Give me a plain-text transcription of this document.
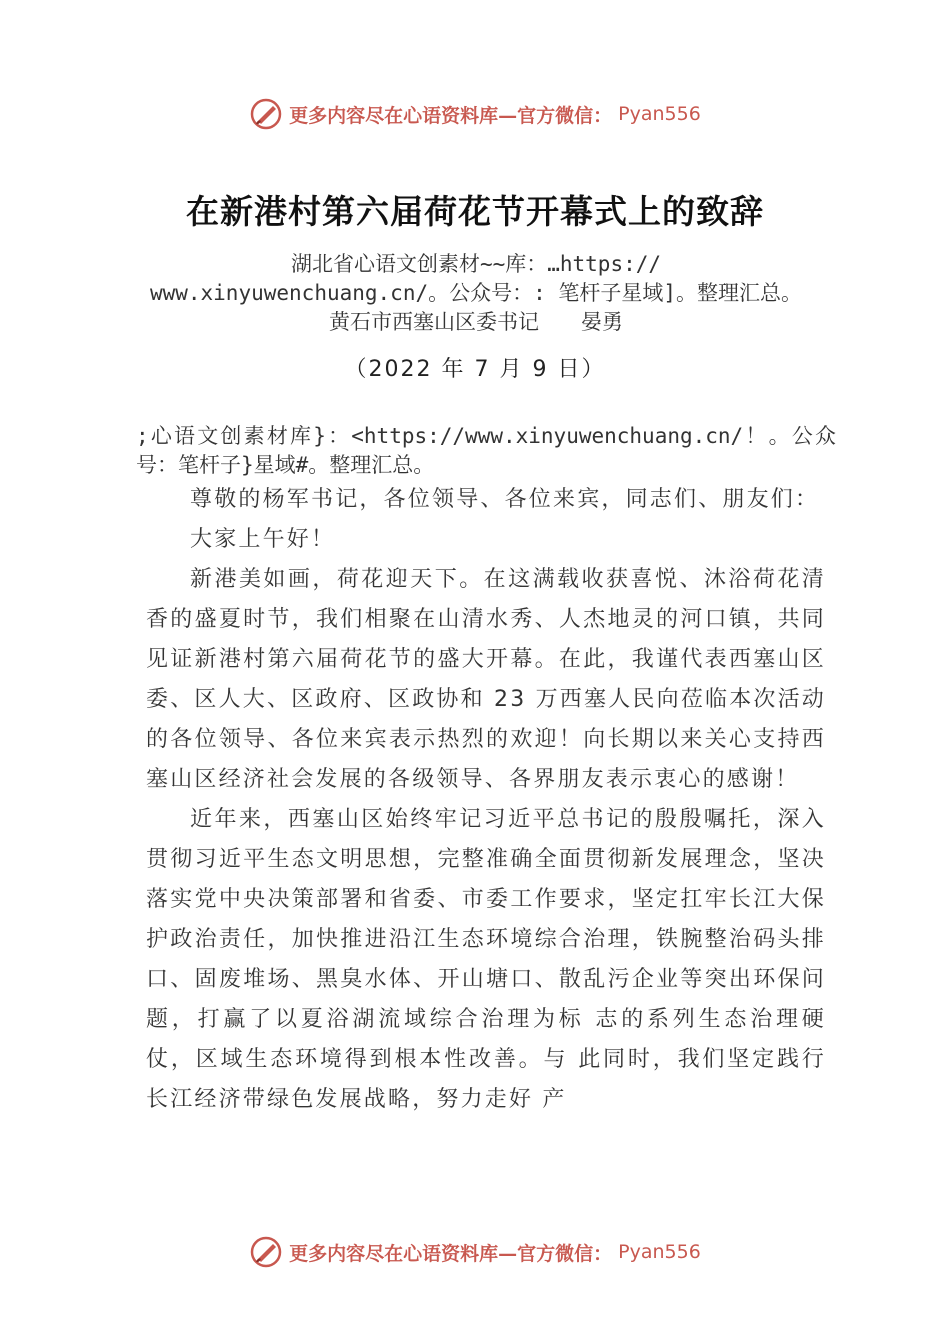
更多内容尽在心语资料库—官方微信： Pyan556
在新港村第六届荷花节开幕式上的致辞
湖北省心语文创素材~~库：…https:// www.xinyuwenchuang.cn/。公众号：: 笔杆子星域]。整理汇总。黄石市西塞山区委书记　　晏勇
（2022 年 7 月 9 日）
;心语文创素材库}：<https://www.xinyuwenchuang.cn/！。公众号：笔杆子}星域#。整理汇总。

尊敬的杨军书记，各位领导、各位来宾，同志们、朋友们：

大家上午好！

新港美如画，荷花迎天下。在这满载收获喜悦、沐浴荷花清香的盛夏时节，我们相聚在山清水秀、人杰地灵的河口镇，共同见证新港村第六届荷花节的盛大开幕。在此，我谨代表西塞山区委、区人大、区政府、区政协和 23 万西塞人民向莅临本次活动的各位领导、各位来宾表示热烈的欢迎！向长期以来关心支持西塞山区经济社会发展的各级领导、各界朋友表示衷心的感谢！

近年来，西塞山区始终牢记习近平总书记的殷殷嘱托，深入贯彻习近平生态文明思想，完整准确全面贯彻新发展理念，坚决落实党中央决策部署和省委、市委工作要求，坚定扛牢长江大保护政治责任，加快推进沿江生态环境综合治理，铁腕整治码头排口、固废堆场、黑臭水体、开山塘口、散乱污企业等突出环保问题，打赢了以夏浴湖流域综合治理为标 志的系列生态治理硬仗，区域生态环境得到根本性改善。与 此同时，我们坚定践行长江经济带绿色发展战略，努力走好 产

更多内容尽在心语资料库—官方微信： Pyan556
